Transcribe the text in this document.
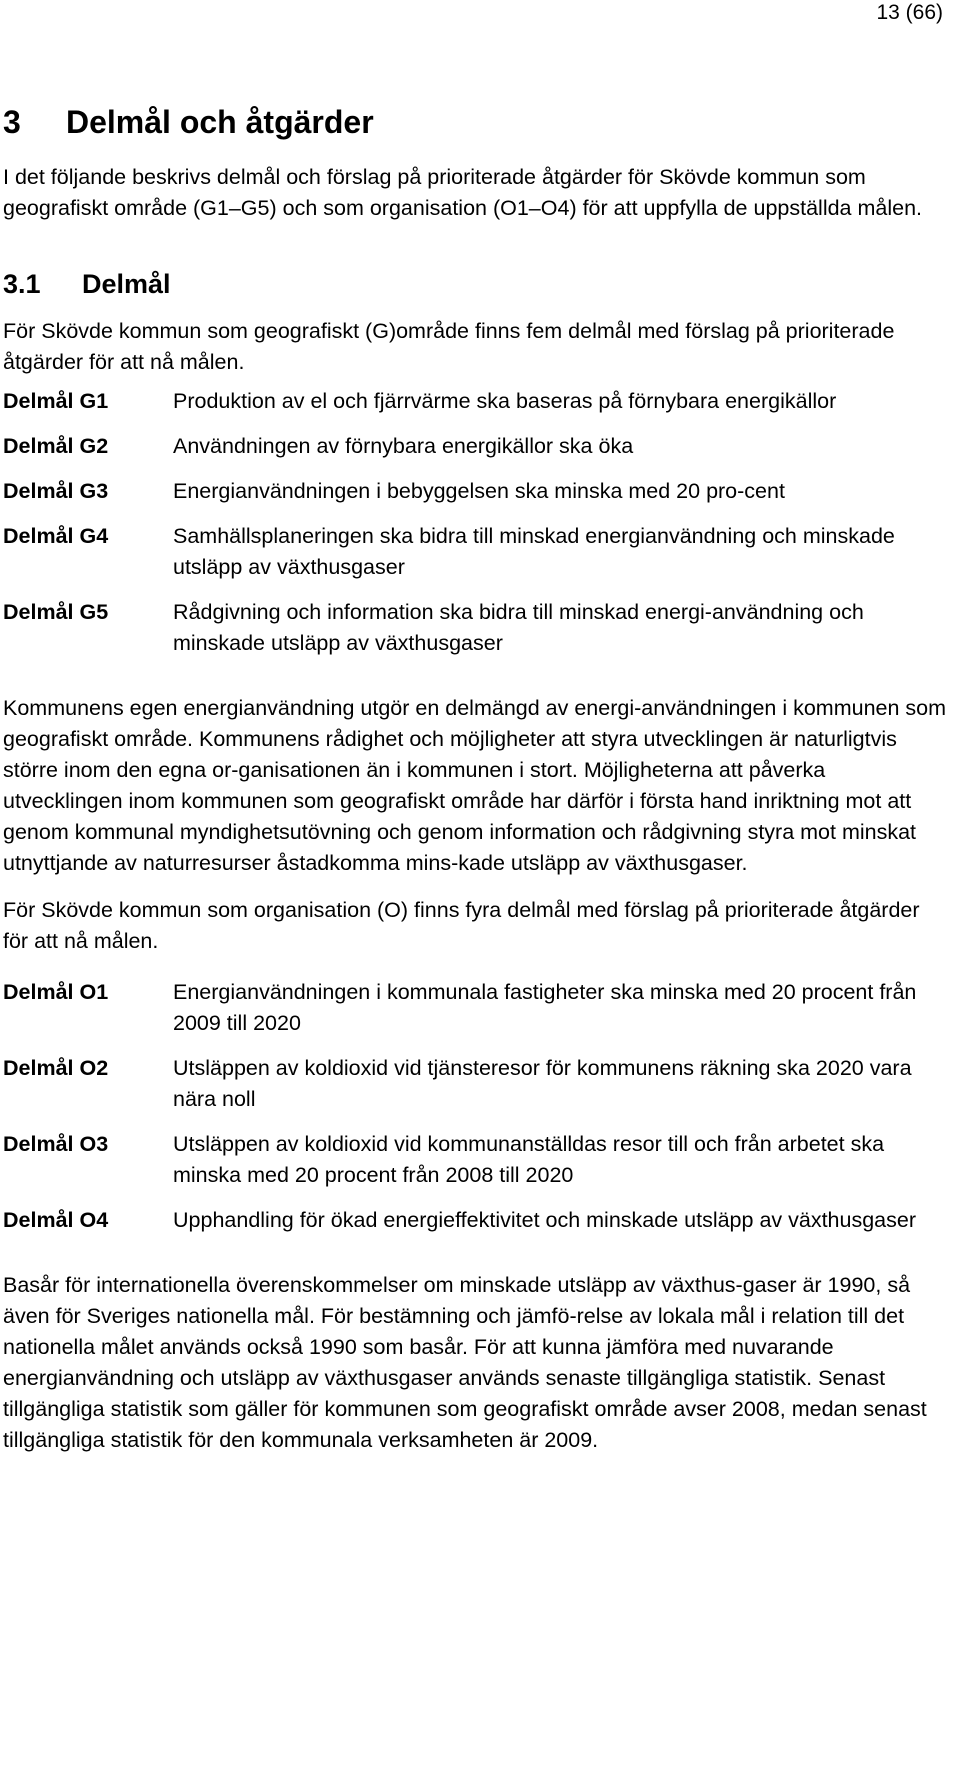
13 (66)
3 Delmål och åtgärder

I det följande beskrivs delmål och förslag på prioriterade åtgärder för Skövde kommun som geografiskt område (G1–G5) och som organisation (O1–O4) för att uppfylla de uppställda målen.

3.1 Delmål

För Skövde kommun som geografiskt (G)område finns fem delmål med förslag på prioriterade åtgärder för att nå målen.

Delmål G1	Produktion av el och fjärrvärme ska baseras på förnybara energikällor
Delmål G2	Användningen av förnybara energikällor ska öka
Delmål G3	Energianvändningen i bebyggelsen ska minska med 20 pro-cent
Delmål G4	Samhällsplaneringen ska bidra till minskad energianvändning och minskade utsläpp av växthusgaser
Delmål G5	Rådgivning och information ska bidra till minskad energi-användning och minskade utsläpp av växthusgaser

Kommunens egen energianvändning utgör en delmängd av energi-användningen i kommunen som geografiskt område. Kommunens rådighet och möjligheter att styra utvecklingen är naturligtvis större inom den egna or-ganisationen än i kommunen i stort. Möjligheterna att påverka utvecklingen inom kommunen som geografiskt område har därför i första hand inriktning mot att genom kommunal myndighetsutövning och genom information och rådgivning styra mot minskat utnyttjande av naturresurser åstadkomma mins-kade utsläpp av växthusgaser.

För Skövde kommun som organisation (O) finns fyra delmål med förslag på prioriterade åtgärder för att nå målen.

Delmål O1	Energianvändningen i kommunala fastigheter ska minska med 20 procent från 2009 till 2020
Delmål O2	Utsläppen av koldioxid vid tjänsteresor för kommunens räkning ska 2020 vara nära noll
Delmål O3	Utsläppen av koldioxid vid kommunanställdas resor till och från arbetet ska minska med 20 procent från 2008 till 2020
Delmål O4	Upphandling för ökad energieffektivitet och minskade utsläpp av växthusgaser

Basår för internationella överenskommelser om minskade utsläpp av växthus-gaser är 1990, så även för Sveriges nationella mål. För bestämning och jämfö-relse av lokala mål i relation till det nationella målet används också 1990 som basår. För att kunna jämföra med nuvarande energianvändning och utsläpp av växthusgaser används senaste tillgängliga statistik. Senast tillgängliga statistik som gäller för kommunen som geografiskt område avser 2008, medan senast tillgängliga statistik för den kommunala verksamheten är 2009.
